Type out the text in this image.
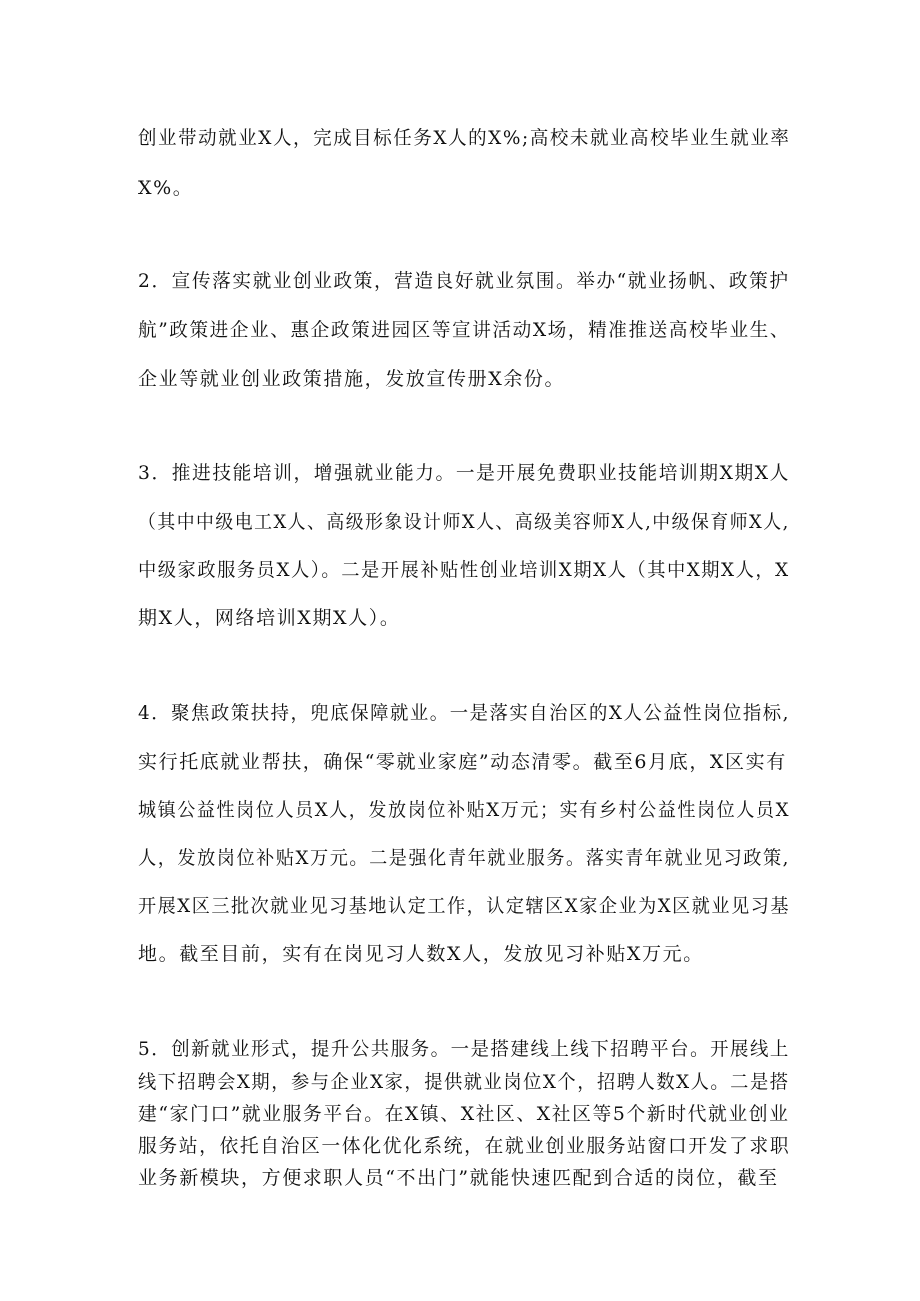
创业带动就业X人，完成目标任务X人的X%;高校未就业高校毕业生就业率
X%。
2．宣传落实就业创业政策，营造良好就业氛围。举办“就业扬帆、政策护
航”政策进企业、惠企政策进园区等宣讲活动X场，精准推送高校毕业生、
企业等就业创业政策措施，发放宣传册X余份。
3．推进技能培训，增强就业能力。一是开展免费职业技能培训期X期X人
（其中中级电工X人、高级形象设计师X人、高级美容师X人,中级保育师X人,
中级家政服务员X人）。二是开展补贴性创业培训X期X人（其中X期X人，X
期X人，网络培训X期X人）。
4．聚焦政策扶持，兜底保障就业。一是落实自治区的X人公益性岗位指标,
实行托底就业帮扶，确保“零就业家庭”动态清零。截至6月底，X区实有
城镇公益性岗位人员X人，发放岗位补贴X万元；实有乡村公益性岗位人员X
人，发放岗位补贴X万元。二是强化青年就业服务。落实青年就业见习政策,
开展X区三批次就业见习基地认定工作，认定辖区X家企业为X区就业见习基
地。截至目前，实有在岗见习人数X人，发放见习补贴X万元。
5．创新就业形式，提升公共服务。一是搭建线上线下招聘平台。开展线上
线下招聘会X期，参与企业X家，提供就业岗位X个，招聘人数X人。二是搭
建“家门口”就业服务平台。在X镇、X社区、X社区等5个新时代就业创业
服务站，依托自治区一体化优化系统，在就业创业服务站窗口开发了求职
业务新模块，方便求职人员“不出门”就能快速匹配到合适的岗位，截至
